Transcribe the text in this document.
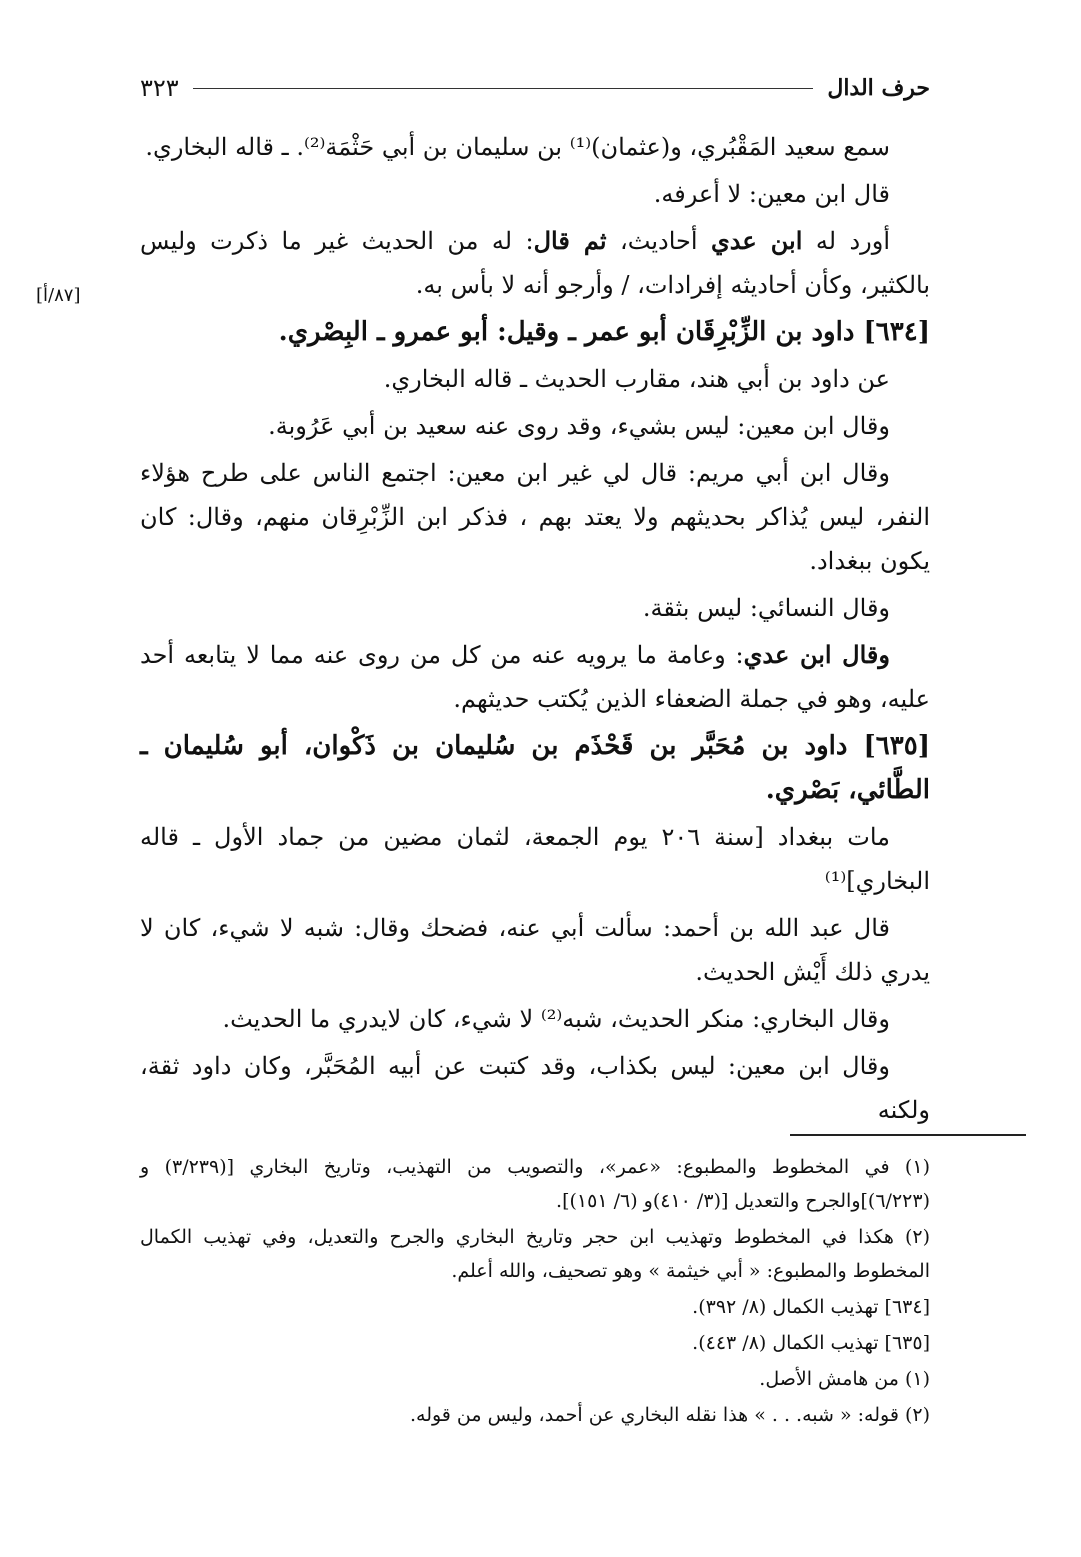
حرف الدال
٣٢٣
[٨٧/أ]

سمع سعيد المَقْبُري، و(عثمان)⁽¹⁾ بن سليمان بن أبي حَثْمَة⁽²⁾. ـ قاله البخاري.

قال ابن معين: لا أعرفه.

أورد له ابن عدي أحاديث، ثم قال: له من الحديث غير ما ذكرت وليس بالكثير، وكأن أحاديثه إفرادات، / وأرجو أنه لا بأس به.

[٦٣٤] داود بن الزِّبْرِقَان أبو عمر ـ وقيل: أبو عمرو ـ البِصْري.

عن داود بن أبي هند، مقارب الحديث ـ قاله البخاري.

وقال ابن معين: ليس بشيء، وقد روى عنه سعيد بن أبي عَرُوبة.

وقال ابن أبي مريم: قال لي غير ابن معين: اجتمع الناس على طرح هؤلاء النفر، ليس يُذاكر بحديثهم ولا يعتد بهم ، فذكر ابن الزِّبْرِقان منهم، وقال: كان يكون ببغداد.

وقال النسائي: ليس بثقة.

وقال ابن عدي: وعامة ما يرويه عنه من كل من روى عنه مما لا يتابعه أحد عليه، وهو في جملة الضعفاء الذين يُكتب حديثهم.

[٦٣٥] داود بن مُحَبَّر بن قَحْذَم بن سُليمان بن ذَكْوان، أبو سُليمان ـ الطَّائي، بَصْري.

مات ببغداد [سنة ٢٠٦ يوم الجمعة، لثمان مضين من جماد الأول ـ قاله البخاري]⁽¹⁾

قال عبد الله بن أحمد: سألت أبي عنه، فضحك وقال: شبه لا شيء، كان لا يدري ذلك أَيْش الحديث.

وقال البخاري: منكر الحديث، شبه⁽²⁾ لا شيء، كان لايدري ما الحديث.

وقال ابن معين: ليس بكذاب، وقد كتبت عن أبيه المُحَبَّر، وكان داود ثقة، ولكنه

(١) في المخطوط والمطبوع: «عمر»، والتصويب من التهذيب، وتاريخ البخاري [(٣/٢٣٩) و (٦/٢٢٣)]والجرح والتعديل [(٣/ ٤١٠)و (٦/ ١٥١)].

(٢) هكذا في المخطوط وتهذيب ابن حجر وتاريخ البخاري والجرح والتعديل، وفي تهذيب الكمال المخطوط والمطبوع: « أبي خيثمة » وهو تصحيف، والله أعلم.

[٦٣٤] تهذيب الكمال (٨/ ٣٩٢).

[٦٣٥] تهذيب الكمال (٨/ ٤٤٣).

(١) من هامش الأصل.

(٢) قوله: « شبه. . . » هذا نقله البخاري عن أحمد، وليس من قوله.
